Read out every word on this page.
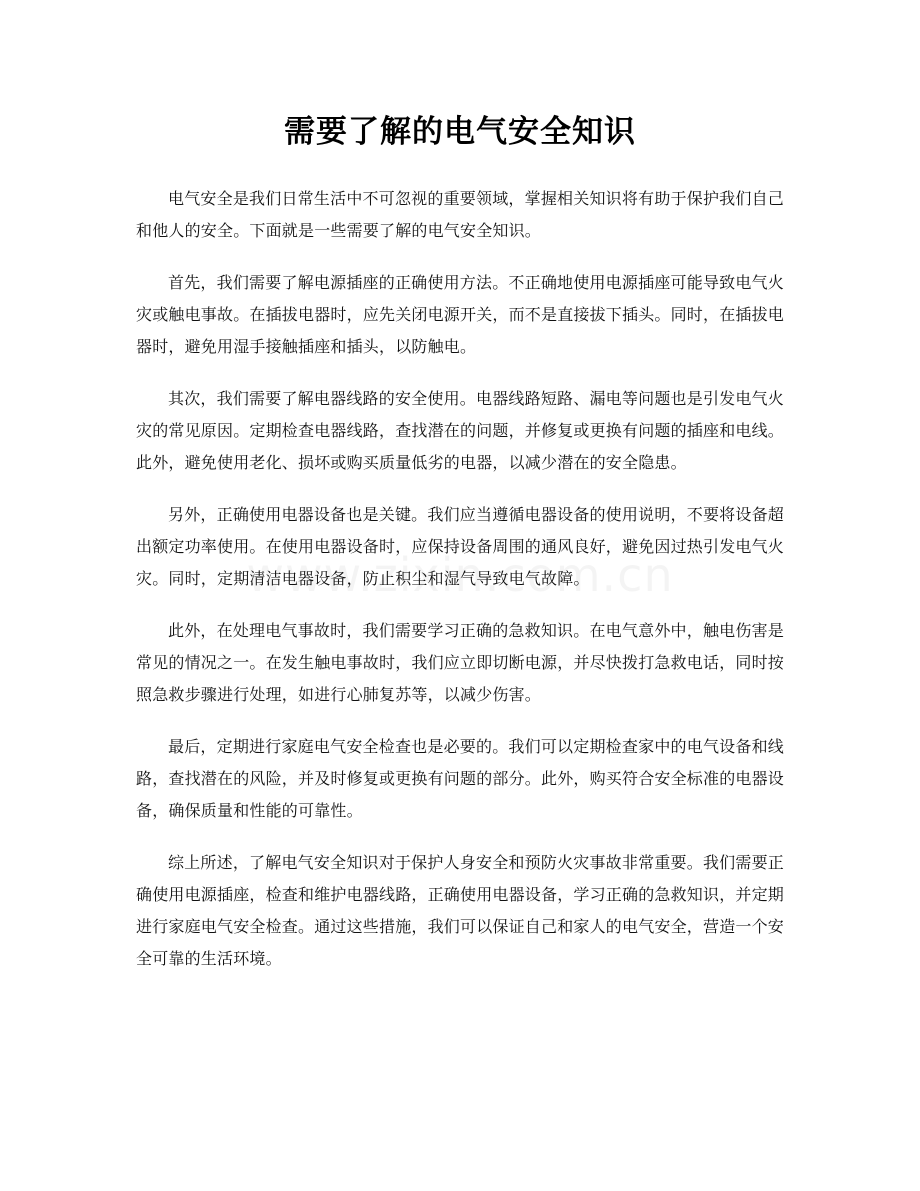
需要了解的电气安全知识

电气安全是我们日常生活中不可忽视的重要领域，掌握相关知识将有助于保护我们自己和他人的安全。下面就是一些需要了解的电气安全知识。

首先，我们需要了解电源插座的正确使用方法。不正确地使用电源插座可能导致电气火灾或触电事故。在插拔电器时，应先关闭电源开关，而不是直接拔下插头。同时，在插拔电器时，避免用湿手接触插座和插头，以防触电。

其次，我们需要了解电器线路的安全使用。电器线路短路、漏电等问题也是引发电气火灾的常见原因。定期检查电器线路，查找潜在的问题，并修复或更换有问题的插座和电线。此外，避免使用老化、损坏或购买质量低劣的电器，以减少潜在的安全隐患。

另外，正确使用电器设备也是关键。我们应当遵循电器设备的使用说明，不要将设备超出额定功率使用。在使用电器设备时，应保持设备周围的通风良好，避免因过热引发电气火灾。同时，定期清洁电器设备，防止积尘和湿气导致电气故障。

此外，在处理电气事故时，我们需要学习正确的急救知识。在电气意外中，触电伤害是常见的情况之一。在发生触电事故时，我们应立即切断电源，并尽快拨打急救电话，同时按照急救步骤进行处理，如进行心肺复苏等，以减少伤害。

最后，定期进行家庭电气安全检查也是必要的。我们可以定期检查家中的电气设备和线路，查找潜在的风险，并及时修复或更换有问题的部分。此外，购买符合安全标准的电器设备，确保质量和性能的可靠性。

综上所述，了解电气安全知识对于保护人身安全和预防火灾事故非常重要。我们需要正确使用电源插座，检查和维护电器线路，正确使用电器设备，学习正确的急救知识，并定期进行家庭电气安全检查。通过这些措施，我们可以保证自己和家人的电气安全，营造一个安全可靠的生活环境。
